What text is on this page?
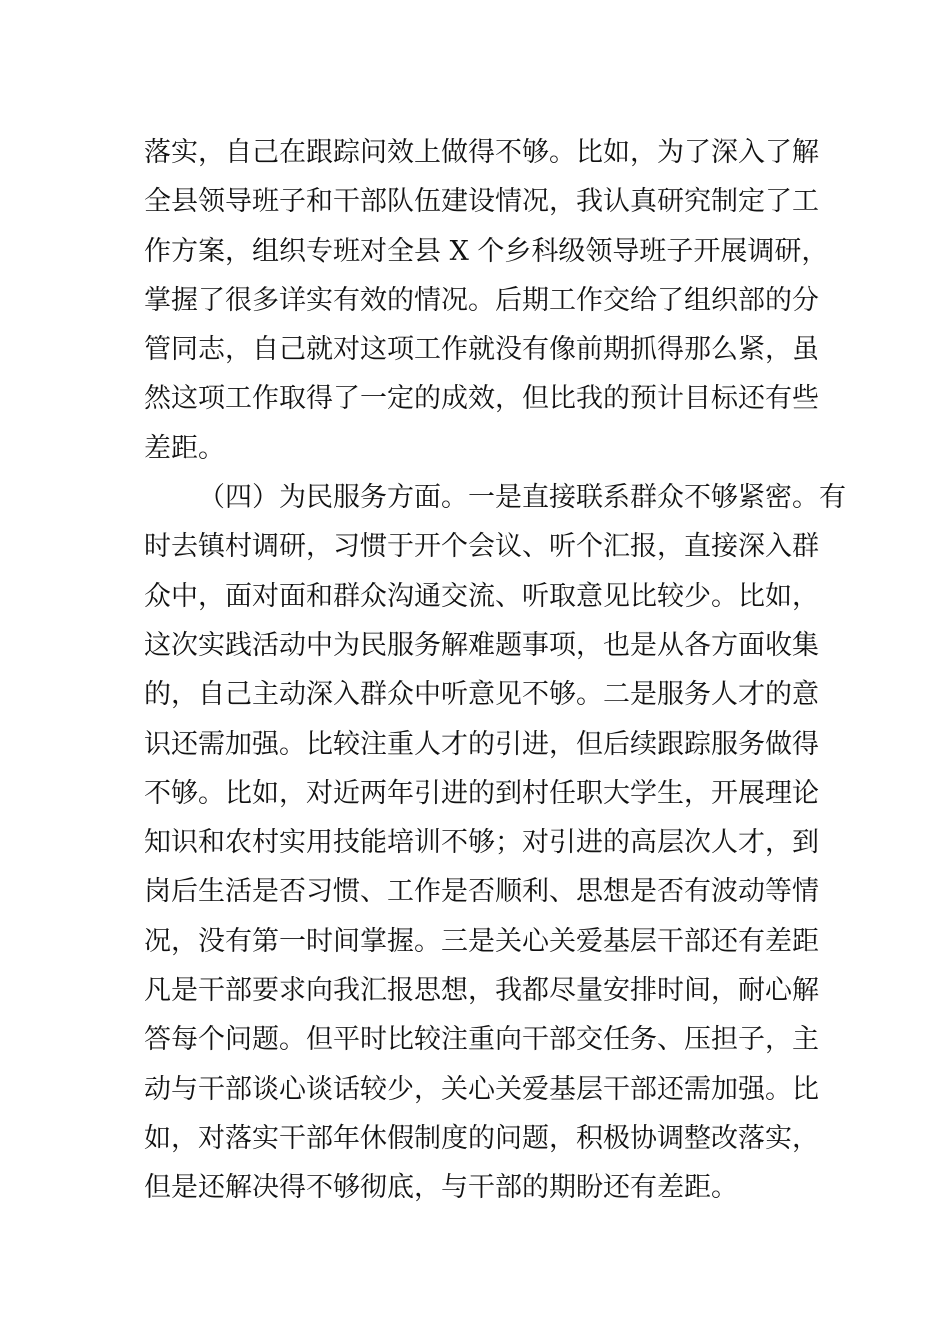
落实，自己在跟踪问效上做得不够。比如，为了深入了解
全县领导班子和干部队伍建设情况，我认真研究制定了工
作方案，组织专班对全县 X 个乡科级领导班子开展调研，
掌握了很多详实有效的情况。后期工作交给了组织部的分
管同志，自己就对这项工作就没有像前期抓得那么紧，虽
然这项工作取得了一定的成效，但比我的预计目标还有些
差距。
（四）为民服务方面。一是直接联系群众不够紧密。有
时去镇村调研，习惯于开个会议、听个汇报，直接深入群
众中，面对面和群众沟通交流、听取意见比较少。比如，
这次实践活动中为民服务解难题事项，也是从各方面收集
的，自己主动深入群众中听意见不够。二是服务人才的意
识还需加强。比较注重人才的引进，但后续跟踪服务做得
不够。比如，对近两年引进的到村任职大学生，开展理论
知识和农村实用技能培训不够；对引进的高层次人才，到
岗后生活是否习惯、工作是否顺利、思想是否有波动等情
况，没有第一时间掌握。三是关心关爱基层干部还有差距
凡是干部要求向我汇报思想，我都尽量安排时间，耐心解
答每个问题。但平时比较注重向干部交任务、压担子，主
动与干部谈心谈话较少，关心关爱基层干部还需加强。比
如，对落实干部年休假制度的问题，积极协调整改落实，
但是还解决得不够彻底，与干部的期盼还有差距。
